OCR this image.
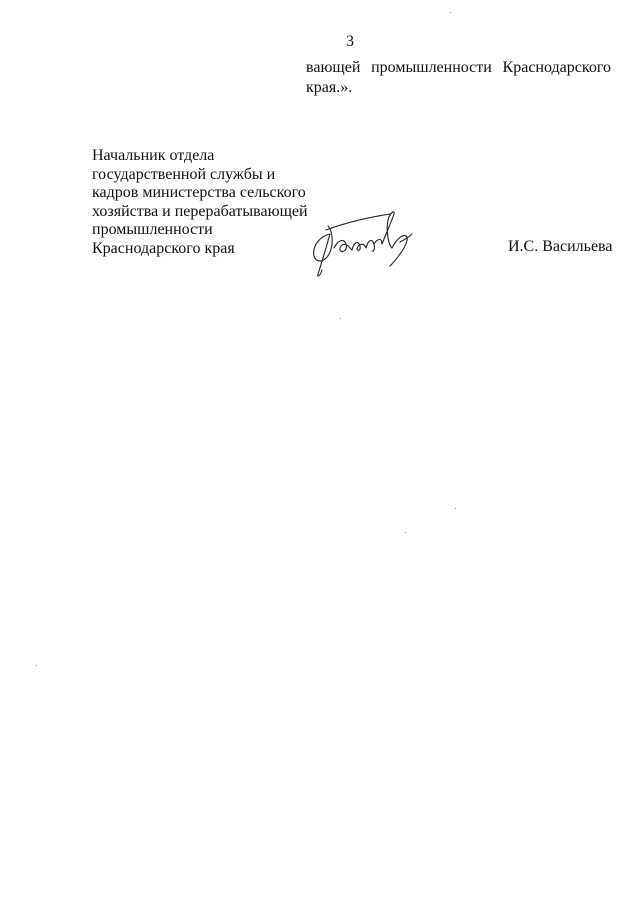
3
вающей промышленности Краснодарского
края.».
Начальник отдела
государственной службы и
кадров министерства сельского
хозяйства и перерабатывающей
промышленности
Краснодарского края	И.С. Васильева
